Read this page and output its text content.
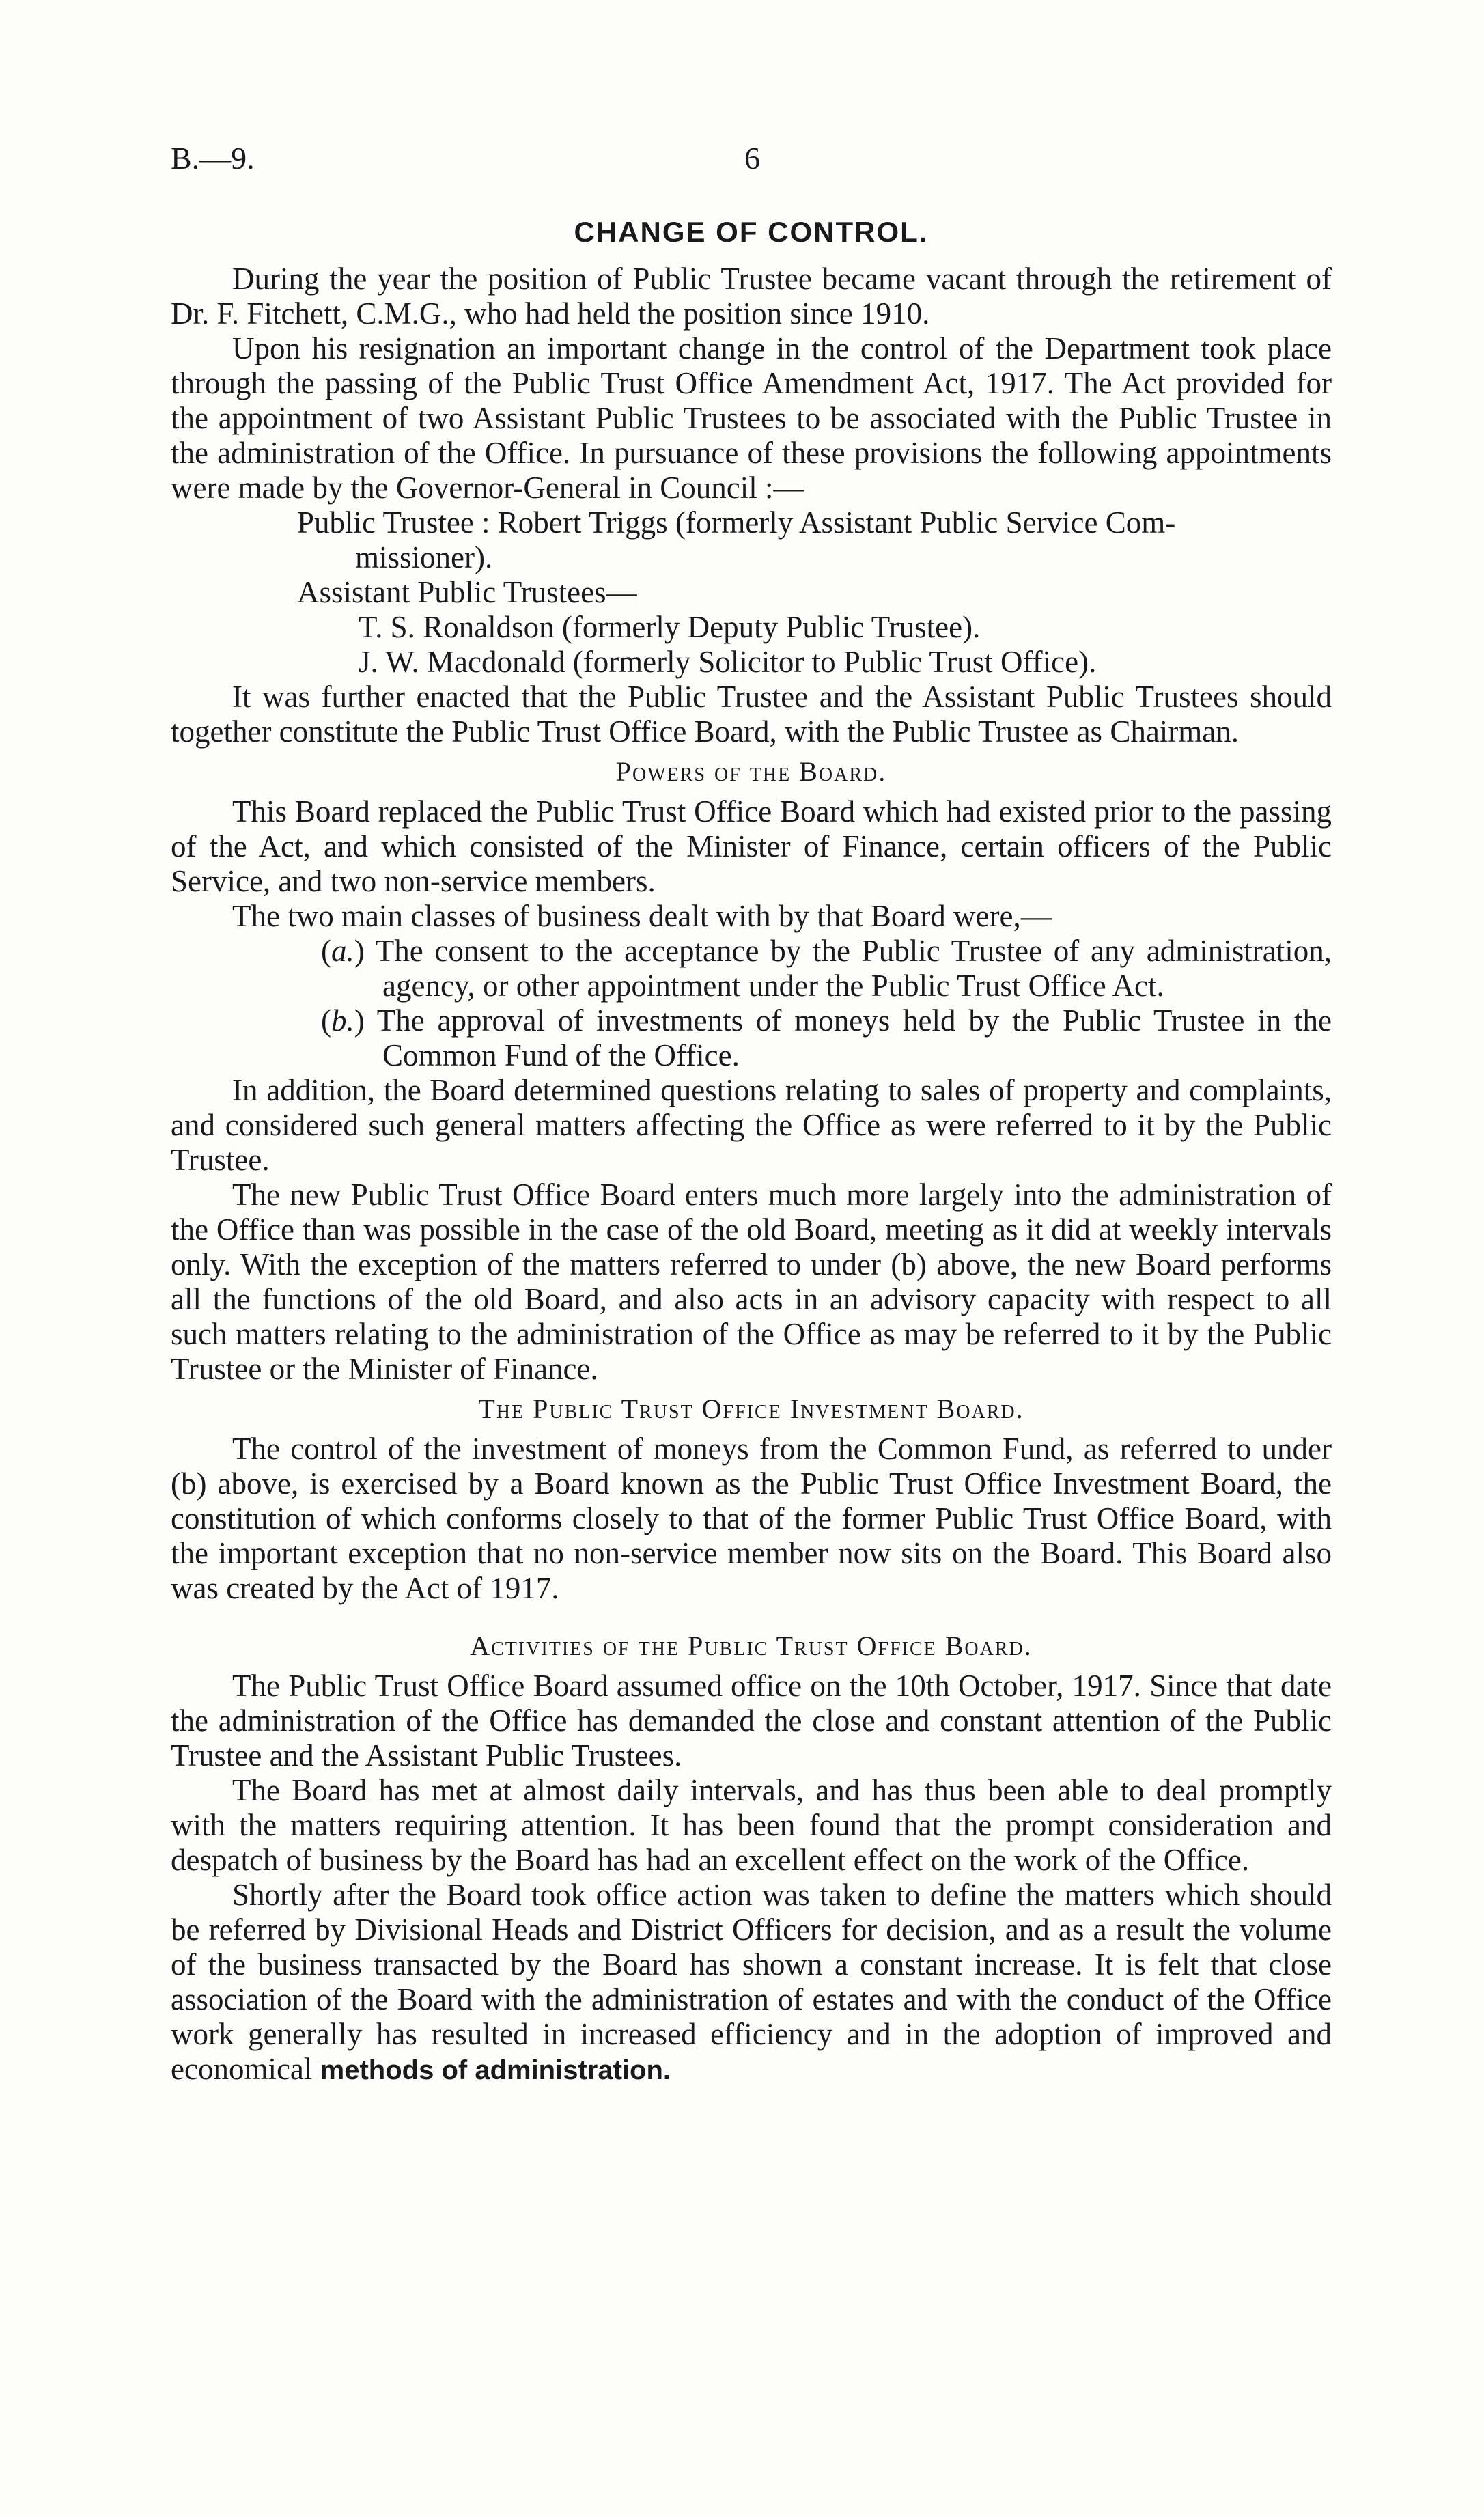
B.—9.	6
CHANGE OF CONTROL.

During the year the position of Public Trustee became vacant through the retirement of Dr. F. Fitchett, C.M.G., who had held the position since 1910.

Upon his resignation an important change in the control of the Department took place through the passing of the Public Trust Office Amendment Act, 1917. The Act provided for the appointment of two Assistant Public Trustees to be associated with the Public Trustee in the administration of the Office. In pursuance of these provisions the following appointments were made by the Governor-General in Council :—

Public Trustee : Robert Triggs (formerly Assistant Public Service Com-
missioner).
Assistant Public Trustees—
T. S. Ronaldson (formerly Deputy Public Trustee).
J. W. Macdonald (formerly Solicitor to Public Trust Office).

It was further enacted that the Public Trustee and the Assistant Public Trustees should together constitute the Public Trust Office Board, with the Public Trustee as Chairman.

Powers of the Board.

This Board replaced the Public Trust Office Board which had existed prior to the passing of the Act, and which consisted of the Minister of Finance, certain officers of the Public Service, and two non-service members.

The two main classes of business dealt with by that Board were,—

(a.) The consent to the acceptance by the Public Trustee of any administration, agency, or other appointment under the Public Trust Office Act.
(b.) The approval of investments of moneys held by the Public Trustee in the Common Fund of the Office.

In addition, the Board determined questions relating to sales of property and complaints, and considered such general matters affecting the Office as were referred to it by the Public Trustee.

The new Public Trust Office Board enters much more largely into the administration of the Office than was possible in the case of the old Board, meeting as it did at weekly intervals only. With the exception of the matters referred to under (b) above, the new Board performs all the functions of the old Board, and also acts in an advisory capacity with respect to all such matters relating to the administration of the Office as may be referred to it by the Public Trustee or the Minister of Finance.

The Public Trust Office Investment Board.

The control of the investment of moneys from the Common Fund, as referred to under (b) above, is exercised by a Board known as the Public Trust Office Investment Board, the constitution of which conforms closely to that of the former Public Trust Office Board, with the important exception that no non-service member now sits on the Board. This Board also was created by the Act of 1917.

Activities of the Public Trust Office Board.

The Public Trust Office Board assumed office on the 10th October, 1917. Since that date the administration of the Office has demanded the close and constant attention of the Public Trustee and the Assistant Public Trustees.

The Board has met at almost daily intervals, and has thus been able to deal promptly with the matters requiring attention. It has been found that the prompt consideration and despatch of business by the Board has had an excellent effect on the work of the Office.

Shortly after the Board took office action was taken to define the matters which should be referred by Divisional Heads and District Officers for decision, and as a result the volume of the business transacted by the Board has shown a constant increase. It is felt that close association of the Board with the administration of estates and with the conduct of the Office work generally has resulted in increased efficiency and in the adoption of improved and economical methods of administration.
